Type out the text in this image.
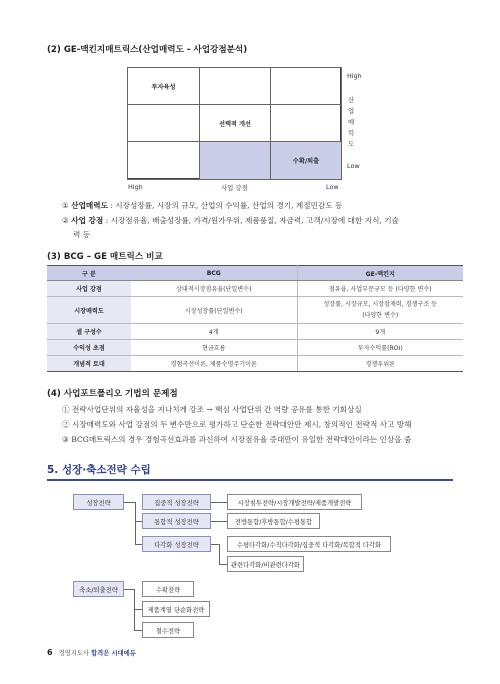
(2) GE-맥킨지매트릭스(산업매력도 - 사업강점분석)
투자육성
선택적 개선
수확/퇴출
High	사업 강점	Low
High
산업매력도
Low
① 산업매력도 : 시장성장률, 시장의 규모, 산업의 수익률, 산업의 경기, 계절민감도 등
② 사업 강점 : 시장점유율, 배출성장률, 가격/원가우위, 제품품질, 자금력, 고객/시장에 대한 지식, 기술
력 등
(3) BCG – GE 매트릭스 비교
구 분	BCG	GE-맥킨지
사업 강점	상대적시장점유율(단일변수)	점유율, 사업부문규모 등 (다양한 변수)
시장매력도	시장성장률(단일변수)	성장률, 시장규모, 시장잠재력, 경쟁구조 등
(다양한 변수)

셀 구성수	4개	9개
수익성 초점	현금흐름	투자수익률(ROI)
개념적 토대	경험곡선이론, 제품수명주기이론	경쟁우위론
(4) 사업포트폴리오 기법의 문제점
① 전략사업단위의 자율성을 지나치게 강조 → 핵심 사업단위 간 역량 공유를 통한 기회상실
② 시장매력도와 사업 강점의 두 변수만으로 평가하고 단순한 전략대안만 제시, 창의적인 전략적 사고 방해
③ BCG매트릭스의 경우 경험곡선효과를 과신하여 시장점유율 증대만이 유일한 전략대안이라는 인상을 줌
5. 성장·축소전략 수립
성장전략	집중적 성장전략
통합적 성장전략
다각화 성장전략
시장침투전략/시장개발전략/제품개발전략
전방통합/후방통합/수평통합
수평다각화/수직다각화/집중적 다각화/복합적 다각화
관련다각화/비관련다각화
축소/퇴출전략	수확전략
제품계열 단순화전략
철수전략
6 경영지도사 합격은 시대에듀
